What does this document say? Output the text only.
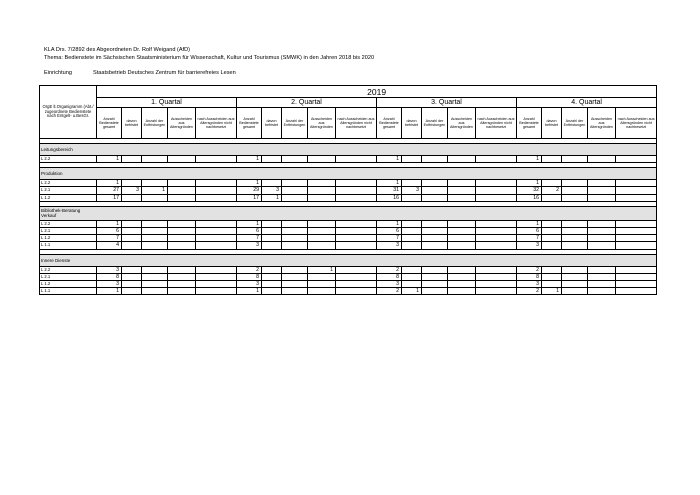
KLA Drs. 7/2892 des Abgeordneten Dr. Rolf Weigand (AfD)
Thema: Bedienstete im Sächsischen Staatsministerium für Wissenschaft, Kultur und Tourismus (SMWK) in den Jahren 2018 bis 2020
Einrichtung	Staatsbetrieb Deutsches Zentrum für barrierefreies Lesen
OrgE lt.Organigramm (Abt./ zugeordnete Bedienstete nach Entgelt- u.BesGr.	2019																			
	1. Quartal					2. Quartal					3. Quartal					4. Quartal				
	Anzahl Bedienstete gesamt	davon befristet	Anzahl der Entfristungen	Ausscheiden aus Altersgründen	nach Ausscheiden aus Altersgründen nicht nachbesetzt	Anzahl Bedienstete gesamt	davon befristet	Anzahl der Entfristungen	Ausscheiden aus Altersgründen	nach Ausscheiden aus Altersgründen nicht nachbesetzt	Anzahl Bedienstete gesamt	davon befristet	Anzahl der Entfristungen	Ausscheiden aus Altersgründen	nach Ausscheiden aus Altersgründen nicht nachbesetzt	Anzahl Bedienstete gesamt	davon befristet	Anzahl der Entfristungen	Ausscheiden aus Altersgründen	nach Ausscheiden aus Altersgründen nicht nachbesetzt

Leitungsbereich																				
L 2.2	1					1					1					1				

Produktion																				
L 2.2	1					1					1					1				
L 2.1	27	3	1			29	3				31	3				32	2			
L 1.2	17					17	1				16					16				

Bibliothek-Beratung Verkauf																				
L 2.2	1					1					1					1				
L 2.1	6					6					6					6				
L 1.2	7					7					7					7				
L 1.1	4					3					3					3				

Innere Dienste																				
L 2.2	3					2			1		2					2				
L 2.1	8					8					8					8				
L 1.2	3					3					3					3				
L 1.1	1					1					2	1				2	1			
